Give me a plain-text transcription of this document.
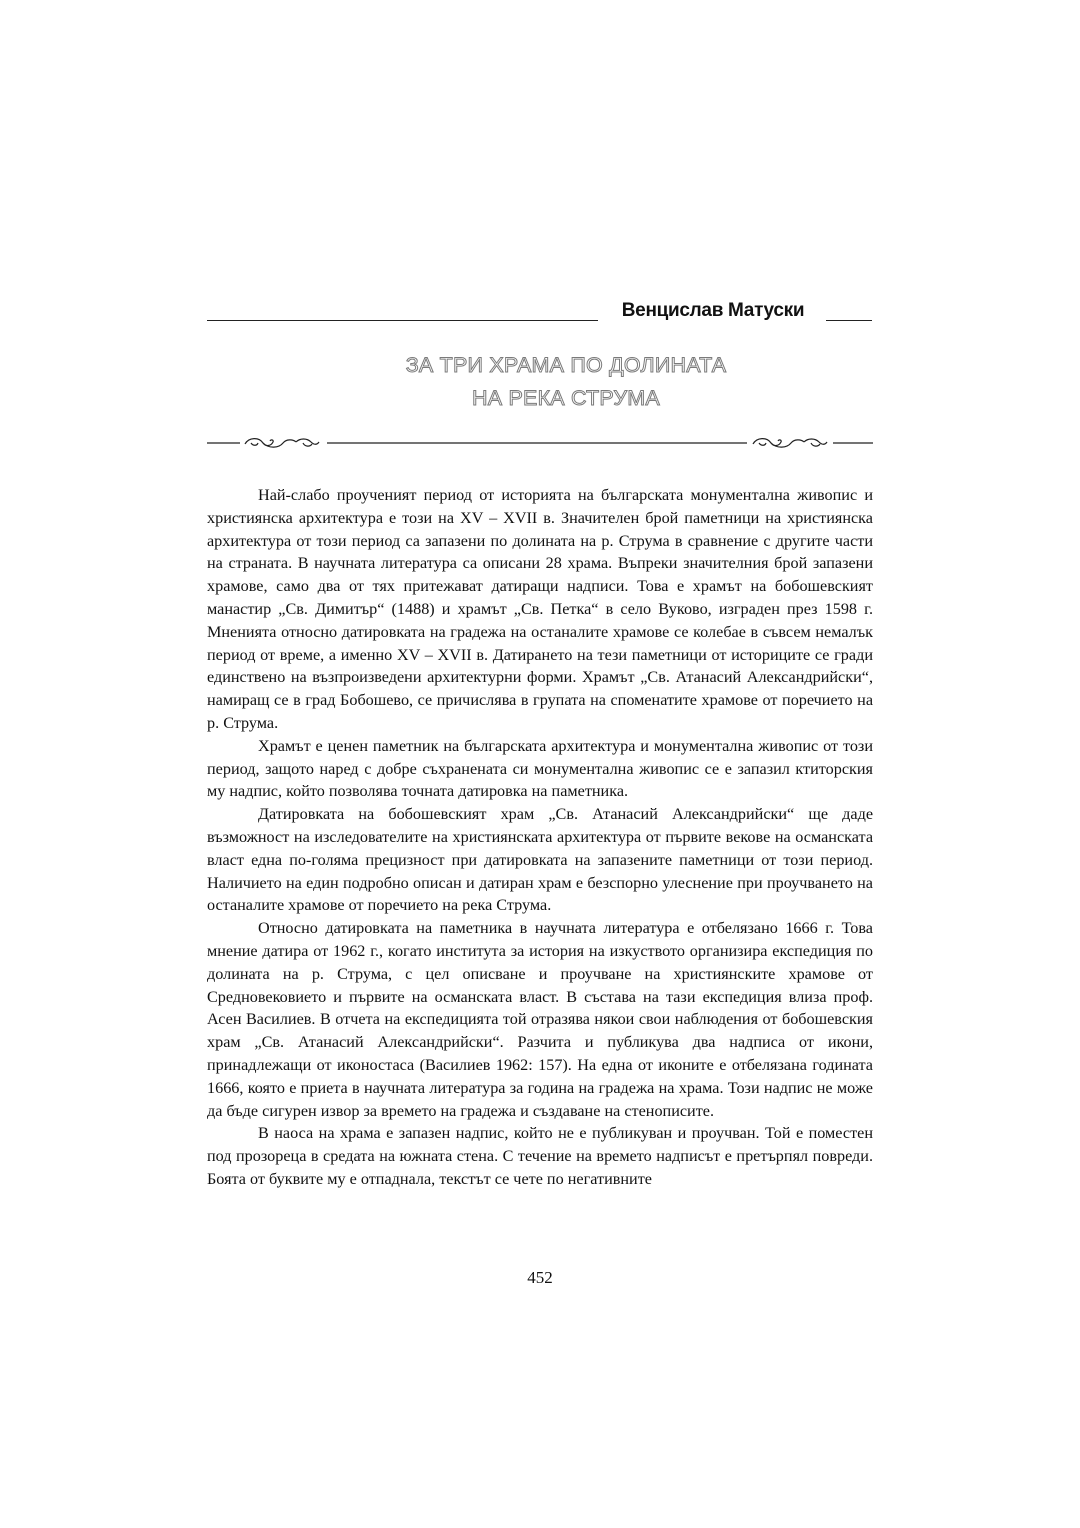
Венцислав Матуски
ЗА ТРИ ХРАМА ПО ДОЛИНАТА
НА РЕКА СТРУМА

Най-слабо проученият период от историята на българската монументална живопис и християнска архитектура е този на XV – XVII в. Значителен брой паметници на християнска архитектура от този период са запазени по долината на р. Струма в сравнение с другите части на страната. В научната литература са описани 28 храма. Въпреки значителния брой запазени храмове, само два от тях притежават датиращи надписи. Това е храмът на бобошевският манастир „Св. Димитър“ (1488) и храмът „Св. Петка“ в село Вуково, изграден през 1598 г. Мненията относно датировката на градежа на останалите храмове се колебае в съвсем немалък период от време, а именно XV – XVII в. Датирането на тези паметници от историците се гради единствено на възпроизведени архитектурни форми. Храмът „Св. Атанасий Александрийски“, намиращ се в град Бобошево, се причислява в групата на споменатите храмове от поречието на р. Струма.

Храмът е ценен паметник на българската архитектура и монументална живопис от този период, защото наред с добре съхранената си монументална живопис се е запазил ктиторския му надпис, който позволява точната датировка на паметника.

Датировката на бобошевският храм „Св. Атанасий Александрийски“ ще даде възможност на изследователите на християнската архитектура от първите векове на османската власт една по-голяма прецизност при датировката на запазените паметници от този период. Наличието на един подробно описан и датиран храм е безспорно улеснение при проучването на останалите храмове от поречието на река Струма.

Относно датировката на паметника в научната литература е отбелязано 1666 г. Това мнение датира от 1962 г., когато института за история на изкуството организира експедиция по долината на р. Струма, с цел описване и проучване на християнските храмове от Средновековието и първите на османската власт. В състава на тази експедиция влиза проф. Асен Василиев. В отчета на експедицията той отразява някои свои наблюдения от бобошевския храм „Св. Атанасий Александрийски“. Разчита и публикува два надписа от икони, принадлежащи от иконостаса (Василиев 1962: 157). На една от иконите е отбелязана годината 1666, която е приета в научната литература за година на градежа на храма. Този надпис не може да бъде сигурен извор за времето на градежа и създаване на стенописите.

В наоса на храма е запазен надпис, който не е публикуван и проучван. Той е поместен под прозореца в средата на южната стена. С течение на времето надписът е претърпял повреди. Боята от буквите му е отпаднала, текстът се чете по негативните

452
